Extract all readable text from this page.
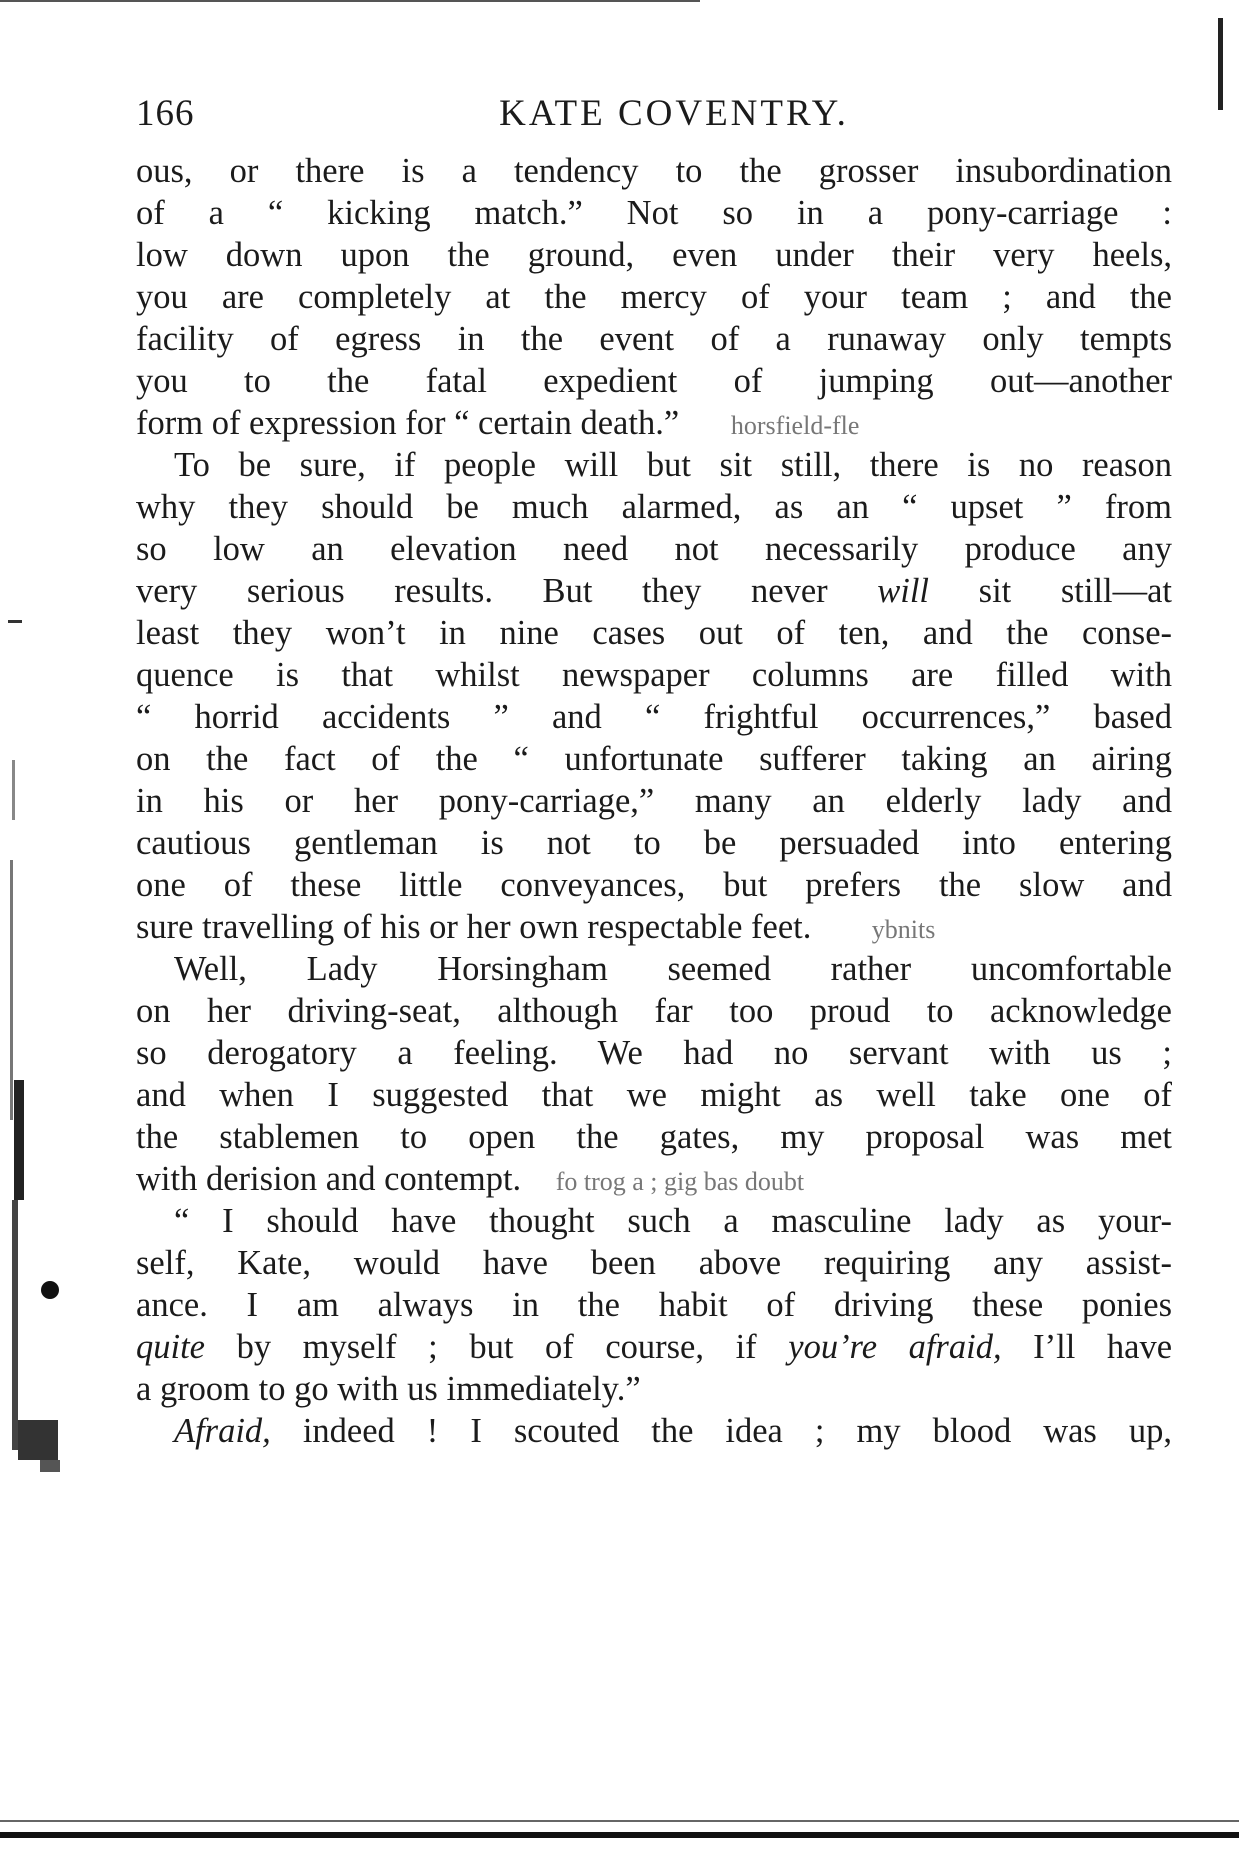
166	KATE COVENTRY.
ous, or there is a tendency to the grosser insubordination
of a “ kicking match.” Not so in a pony-carriage :
low down upon the ground, even under their very heels,
you are completely at the mercy of your team ; and the
facility of egress in the event of a runaway only tempts
you to the fatal expedient of jumping out—another
form of expression for “ certain death.” horsfield-fle
To be sure, if people will but sit still, there is no reason
why they should be much alarmed, as an “ upset ” from
so low an elevation need not necessarily produce any
very serious results. But they never will sit still—at
least they won’t in nine cases out of ten, and the conse-
quence is that whilst newspaper columns are filled with
“ horrid accidents ” and “ frightful occurrences,” based
on the fact of the “ unfortunate sufferer taking an airing
in his or her pony-carriage,” many an elderly lady and
cautious gentleman is not to be persuaded into entering
one of these little conveyances, but prefers the slow and
sure travelling of his or her own respectable feet. ybnits
Well, Lady Horsingham seemed rather uncomfortable
on her driving-seat, although far too proud to acknowledge
so derogatory a feeling. We had no servant with us ;
and when I suggested that we might as well take one of
the stablemen to open the gates, my proposal was met
with derision and contempt. fo trog a ; gig bas doubt
“ I should have thought such a masculine lady as your-
self, Kate, would have been above requiring any assist-
ance. I am always in the habit of driving these ponies
quite by myself ; but of course, if you’re afraid, I’ll have
a groom to go with us immediately.”
Afraid, indeed ! I scouted the idea ; my blood was up,
